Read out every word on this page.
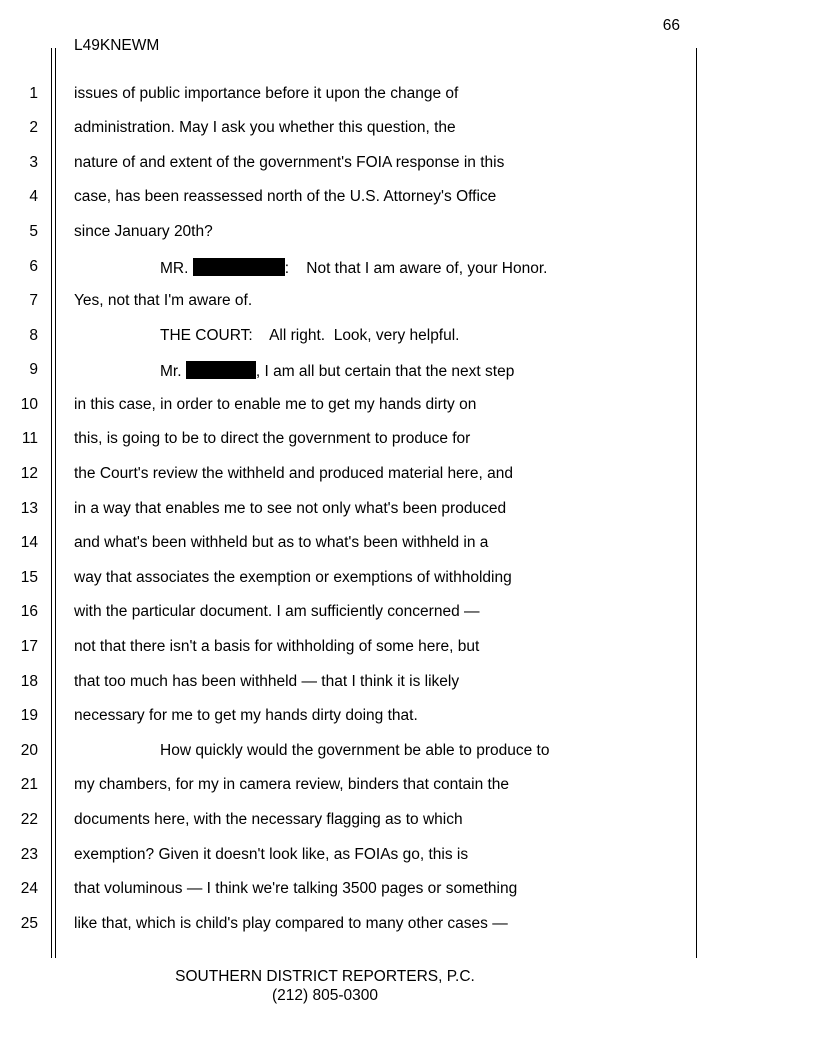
66
L49KNEWM
1 issues of public importance before it upon the change of
2 administration. May I ask you whether this question, the
3 nature of and extent of the government's FOIA response in this
4 case, has been reassessed north of the U.S. Attorney's Office
5 since January 20th?
6	MR.	:    Not that I am aware of, your Honor.
7 Yes, not that I'm aware of.
8	THE COURT:    All right.  Look, very helpful.
9	Mr.	, I am all but certain that the next step
10 in this case, in order to enable me to get my hands dirty on
11 this, is going to be to direct the government to produce for
12 the Court's review the withheld and produced material here, and
13 in a way that enables me to see not only what's been produced
14 and what's been withheld but as to what's been withheld in a
15 way that associates the exemption or exemptions of withholding
16 with the particular document. I am sufficiently concerned —
17 not that there isn't a basis for withholding of some here, but
18 that too much has been withheld — that I think it is likely
19 necessary for me to get my hands dirty doing that.
20	How quickly would the government be able to produce to
21 my chambers, for my in camera review, binders that contain the
22 documents here, with the necessary flagging as to which
23 exemption? Given it doesn't look like, as FOIAs go, this is
24 that voluminous — I think we're talking 3500 pages or something
25 like that, which is child's play compared to many other cases —
SOUTHERN DISTRICT REPORTERS, P.C.
(212) 805-0300
